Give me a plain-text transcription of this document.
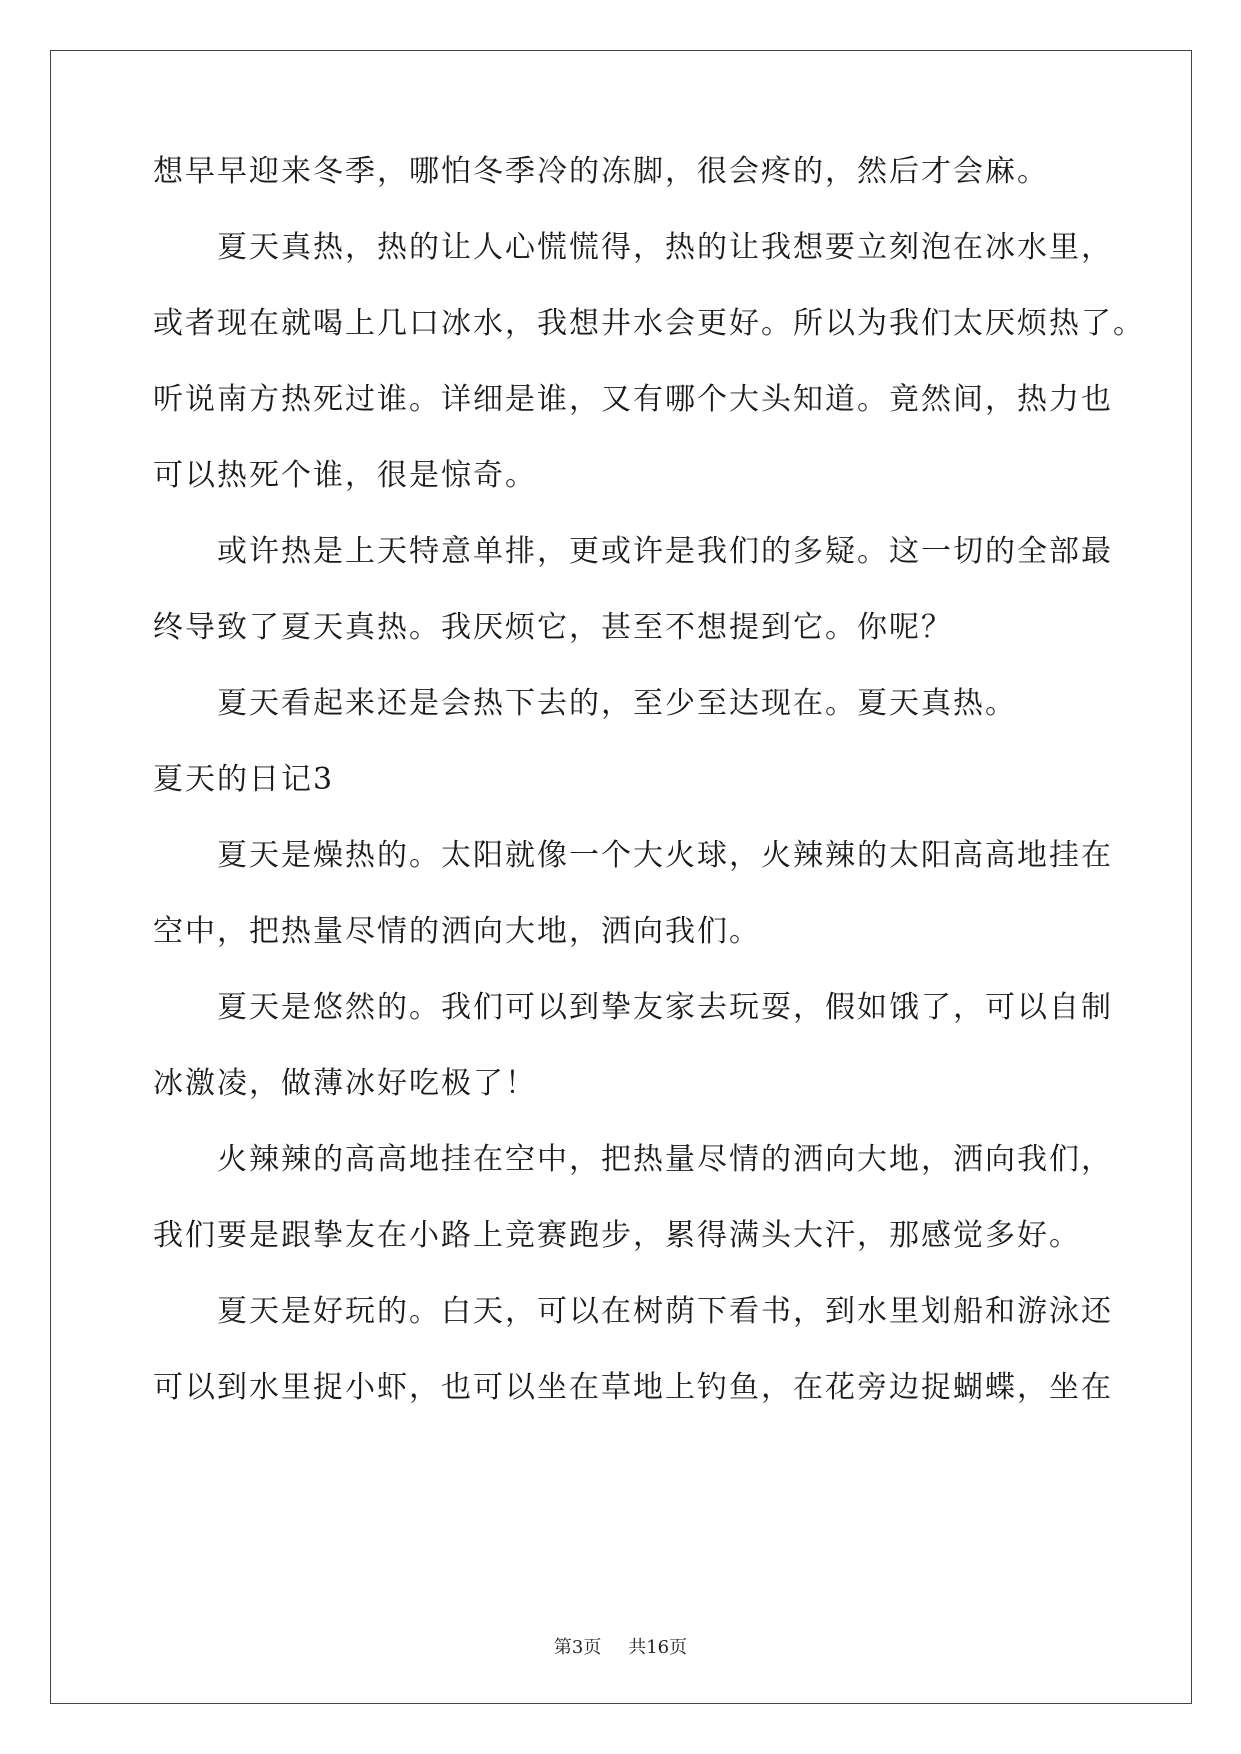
想早早迎来冬季，哪怕冬季冷的冻脚，很会疼的，然后才会麻。
　　夏天真热，热的让人心慌慌得，热的让我想要立刻泡在冰水里，
或者现在就喝上几口冰水，我想井水会更好。所以为我们太厌烦热了。
听说南方热死过谁。详细是谁，又有哪个大头知道。竟然间，热力也
可以热死个谁，很是惊奇。
　　或许热是上天特意单排，更或许是我们的多疑。这一切的全部最
终导致了夏天真热。我厌烦它，甚至不想提到它。你呢？
　　夏天看起来还是会热下去的，至少至达现在。夏天真热。
夏天的日记3
　　夏天是燥热的。太阳就像一个大火球，火辣辣的太阳高高地挂在
空中，把热量尽情的洒向大地，洒向我们。
　　夏天是悠然的。我们可以到挚友家去玩耍，假如饿了，可以自制
冰激凌，做薄冰好吃极了！
　　火辣辣的高高地挂在空中，把热量尽情的洒向大地，洒向我们，
我们要是跟挚友在小路上竞赛跑步，累得满头大汗，那感觉多好。
　　夏天是好玩的。白天，可以在树荫下看书，到水里划船和游泳还
可以到水里捉小虾，也可以坐在草地上钓鱼，在花旁边捉蝴蝶，坐在
第3页 共16页
